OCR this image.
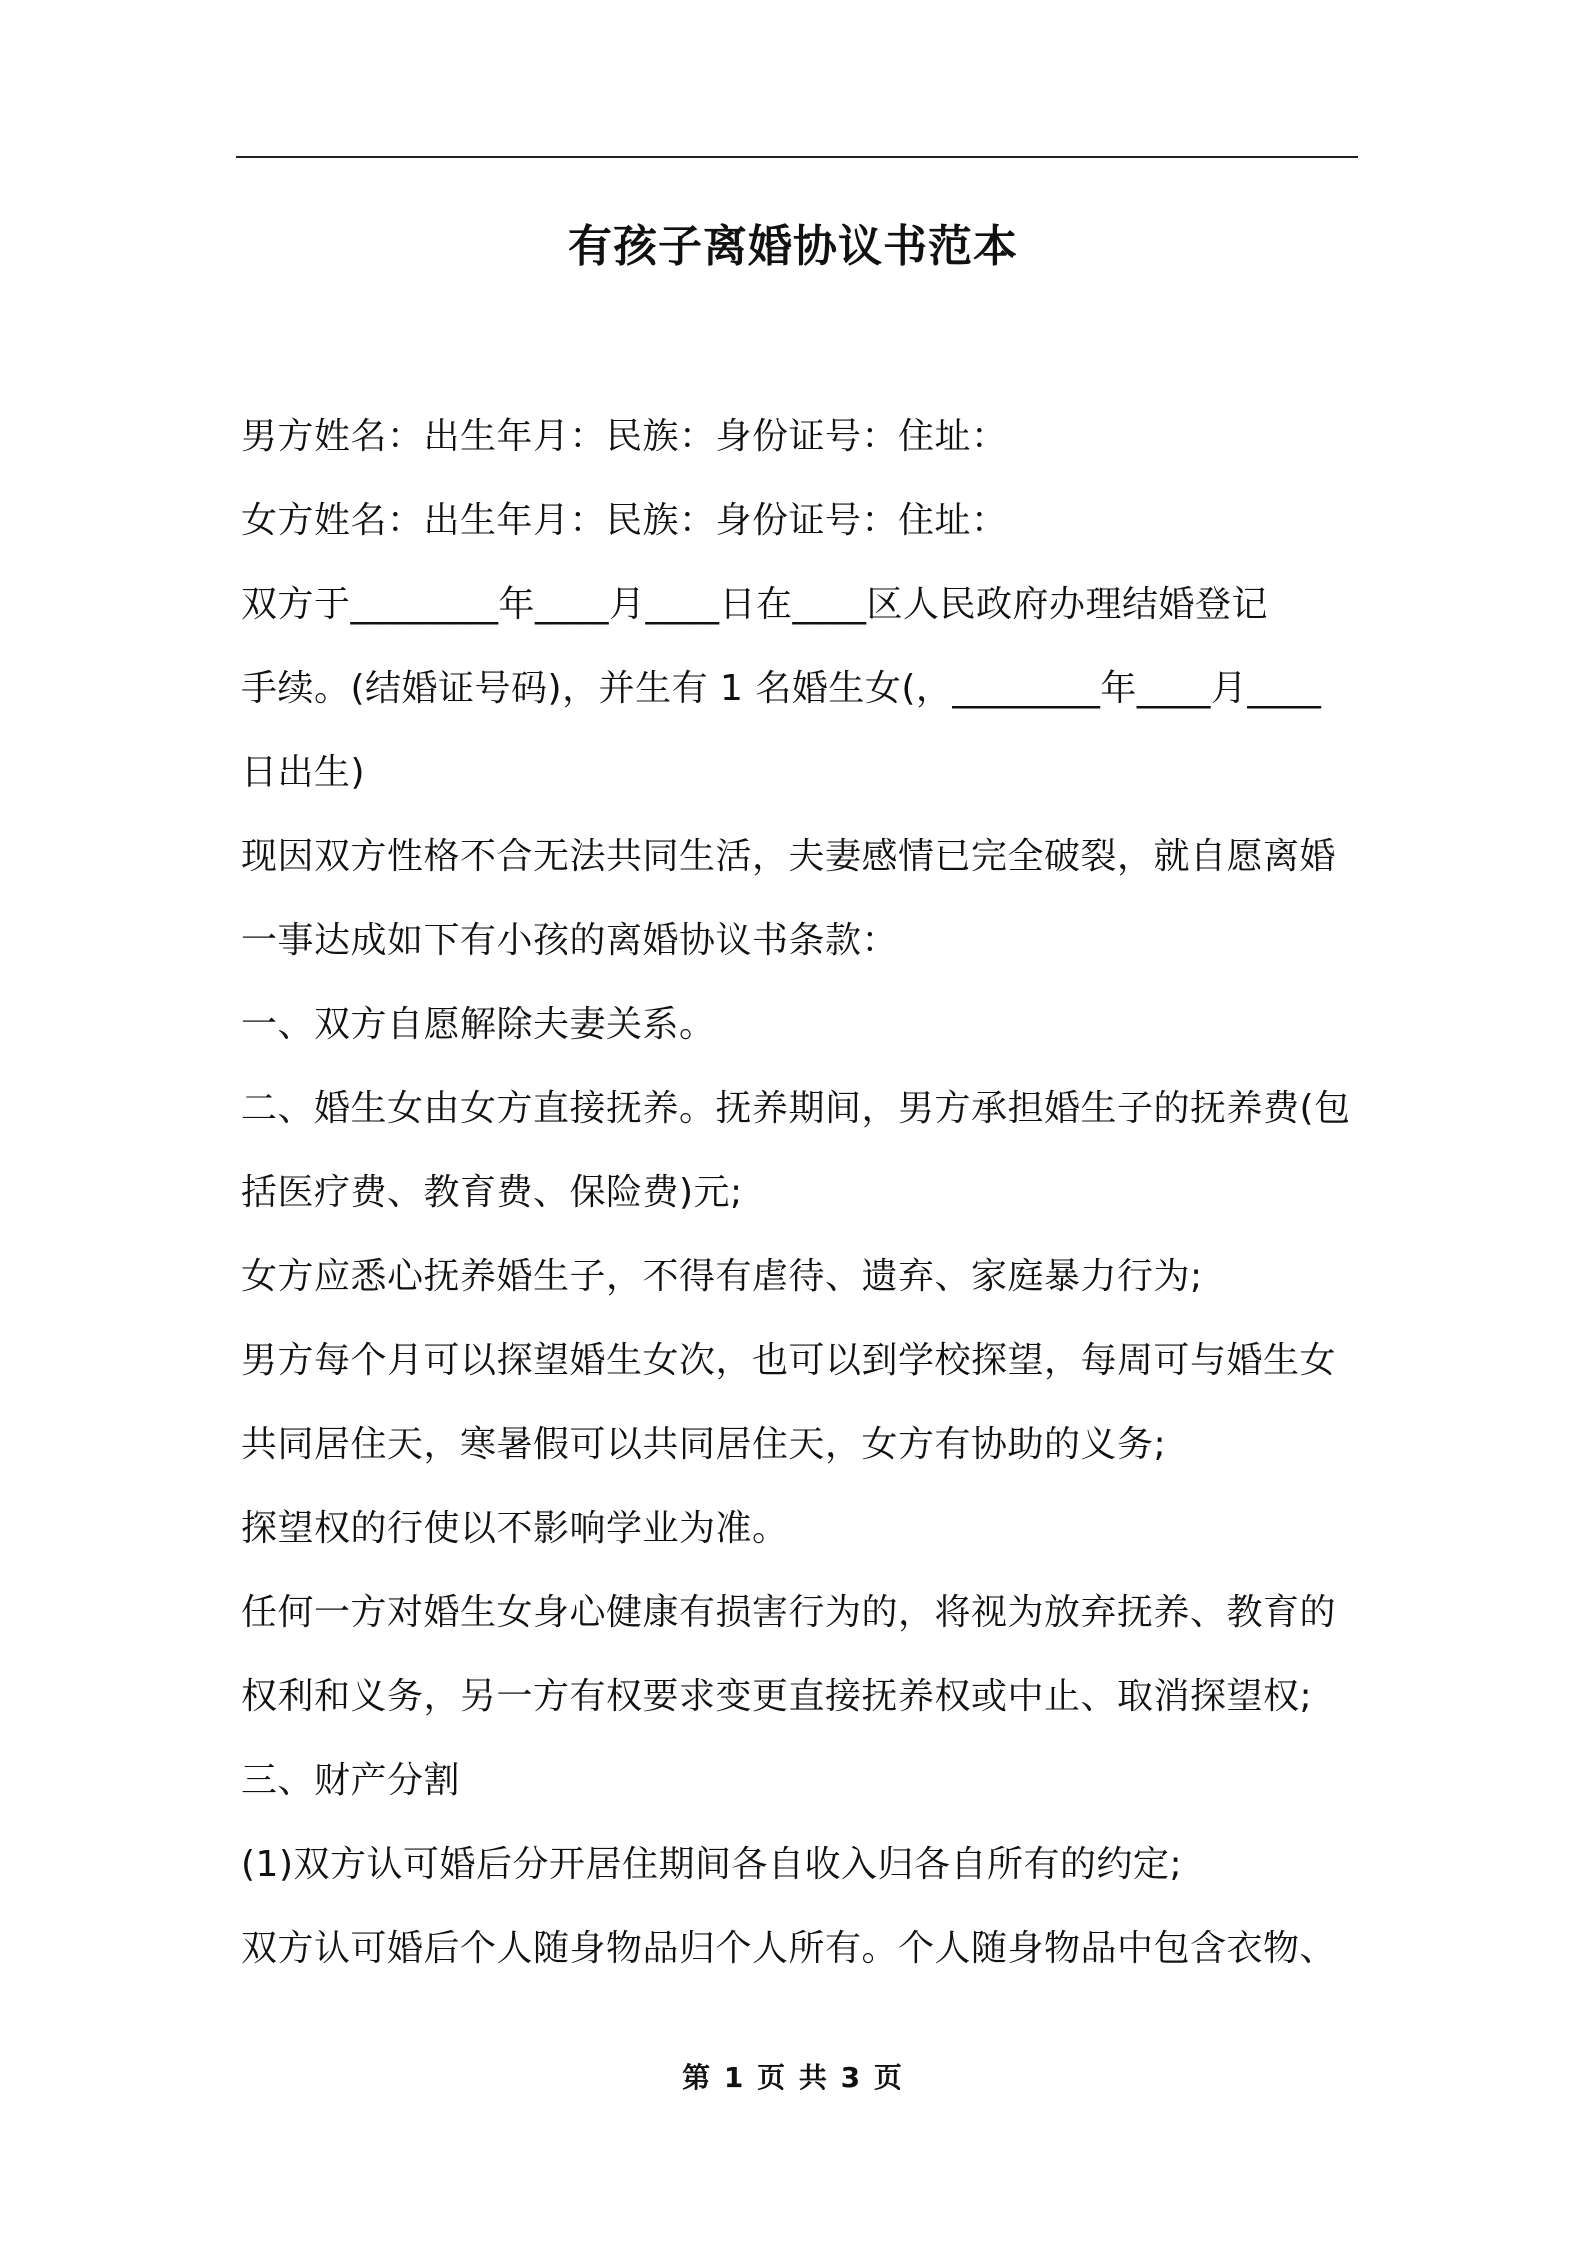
有孩子离婚协议书范本
男方姓名：出生年月：民族：身份证号：住址：
女方姓名：出生年月：民族：身份证号：住址：
双方于________年____月____日在____区人民政府办理结婚登记
手续。(结婚证号码)，并生有 1 名婚生女(，________年____月____
日出生)
现因双方性格不合无法共同生活，夫妻感情已完全破裂，就自愿离婚
一事达成如下有小孩的离婚协议书条款：
一、双方自愿解除夫妻关系。
二、婚生女由女方直接抚养。抚养期间，男方承担婚生子的抚养费(包
括医疗费、教育费、保险费)元;
女方应悉心抚养婚生子，不得有虐待、遗弃、家庭暴力行为;
男方每个月可以探望婚生女次，也可以到学校探望，每周可与婚生女
共同居住天，寒暑假可以共同居住天，女方有协助的义务;
探望权的行使以不影响学业为准。
任何一方对婚生女身心健康有损害行为的，将视为放弃抚养、教育的
权利和义务，另一方有权要求变更直接抚养权或中止、取消探望权;
三、财产分割
(1)双方认可婚后分开居住期间各自收入归各自所有的约定;
双方认可婚后个人随身物品归个人所有。个人随身物品中包含衣物、
第 1 页 共 3 页
